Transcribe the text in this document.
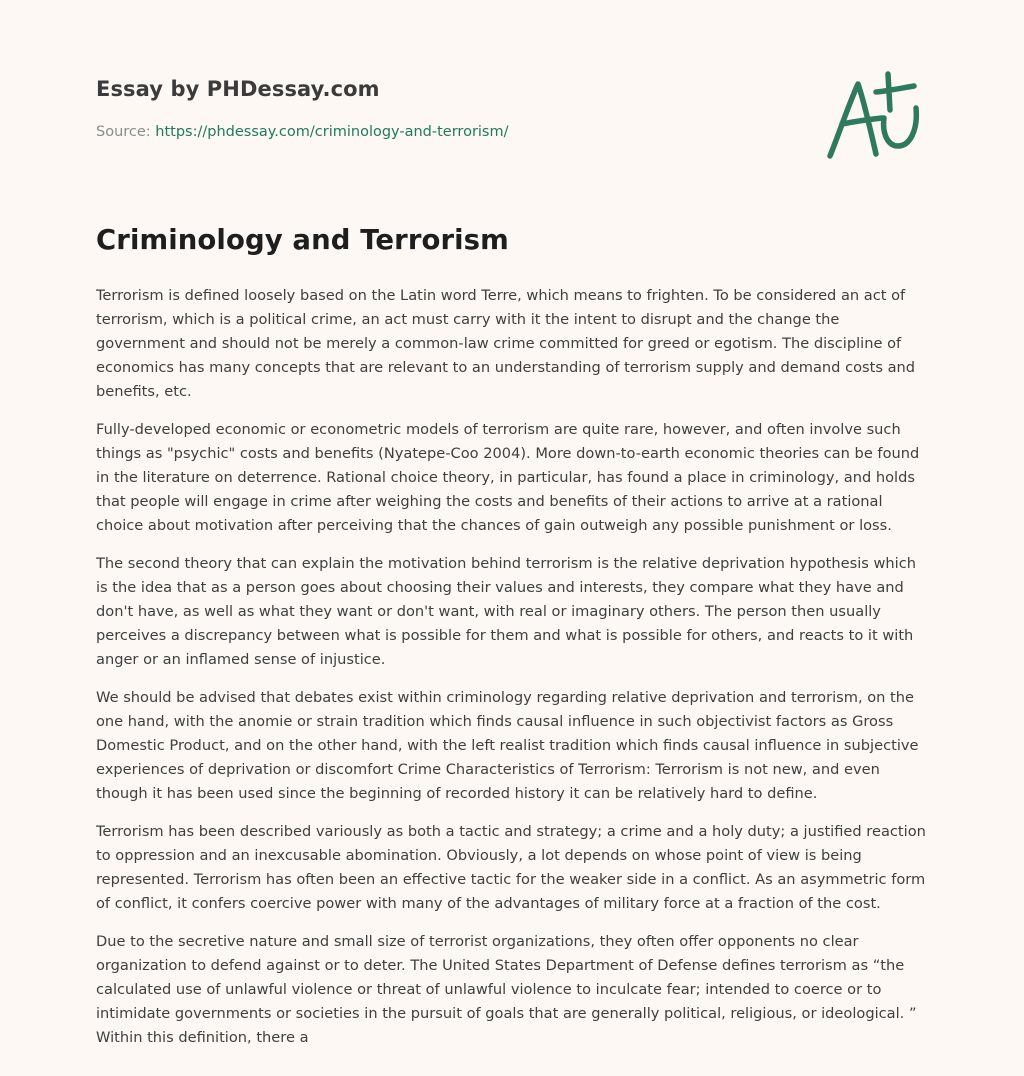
Essay by PHDessay.com
Source: https://phdessay.com/criminology-and-terrorism/
Criminology and Terrorism

Terrorism is defined loosely based on the Latin word Terre, which means to frighten. To be considered an act of terrorism, which is a political crime, an act must carry with it the intent to disrupt and the change the government and should not be merely a common-law crime committed for greed or egotism. The discipline of economics has many concepts that are relevant to an understanding of terrorism supply and demand costs and benefits, etc.

Fully-developed economic or econometric models of terrorism are quite rare, however, and often involve such things as "psychic" costs and benefits (Nyatepe-Coo 2004). More down-to-earth economic theories can be found in the literature on deterrence. Rational choice theory, in particular, has found a place in criminology, and holds that people will engage in crime after weighing the costs and benefits of their actions to arrive at a rational choice about motivation after perceiving that the chances of gain outweigh any possible punishment or loss.

The second theory that can explain the motivation behind terrorism is the relative deprivation hypothesis which is the idea that as a person goes about choosing their values and interests, they compare what they have and don't have, as well as what they want or don't want, with real or imaginary others. The person then usually perceives a discrepancy between what is possible for them and what is possible for others, and reacts to it with anger or an inflamed sense of injustice.

We should be advised that debates exist within criminology regarding relative deprivation and terrorism, on the one hand, with the anomie or strain tradition which finds causal influence in such objectivist factors as Gross Domestic Product, and on the other hand, with the left realist tradition which finds causal influence in subjective experiences of deprivation or discomfort Crime Characteristics of Terrorism: Terrorism is not new, and even though it has been used since the beginning of recorded history it can be relatively hard to define.

Terrorism has been described variously as both a tactic and strategy; a crime and a holy duty; a justified reaction to oppression and an inexcusable abomination. Obviously, a lot depends on whose point of view is being represented. Terrorism has often been an effective tactic for the weaker side in a conflict. As an asymmetric form of conflict, it confers coercive power with many of the advantages of military force at a fraction of the cost.

Due to the secretive nature and small size of terrorist organizations, they often offer opponents no clear organization to defend against or to deter. The United States Department of Defense defines terrorism as “the calculated use of unlawful violence or threat of unlawful violence to inculcate fear; intended to coerce or to intimidate governments or societies in the pursuit of goals that are generally political, religious, or ideological. ” Within this definition, there a
